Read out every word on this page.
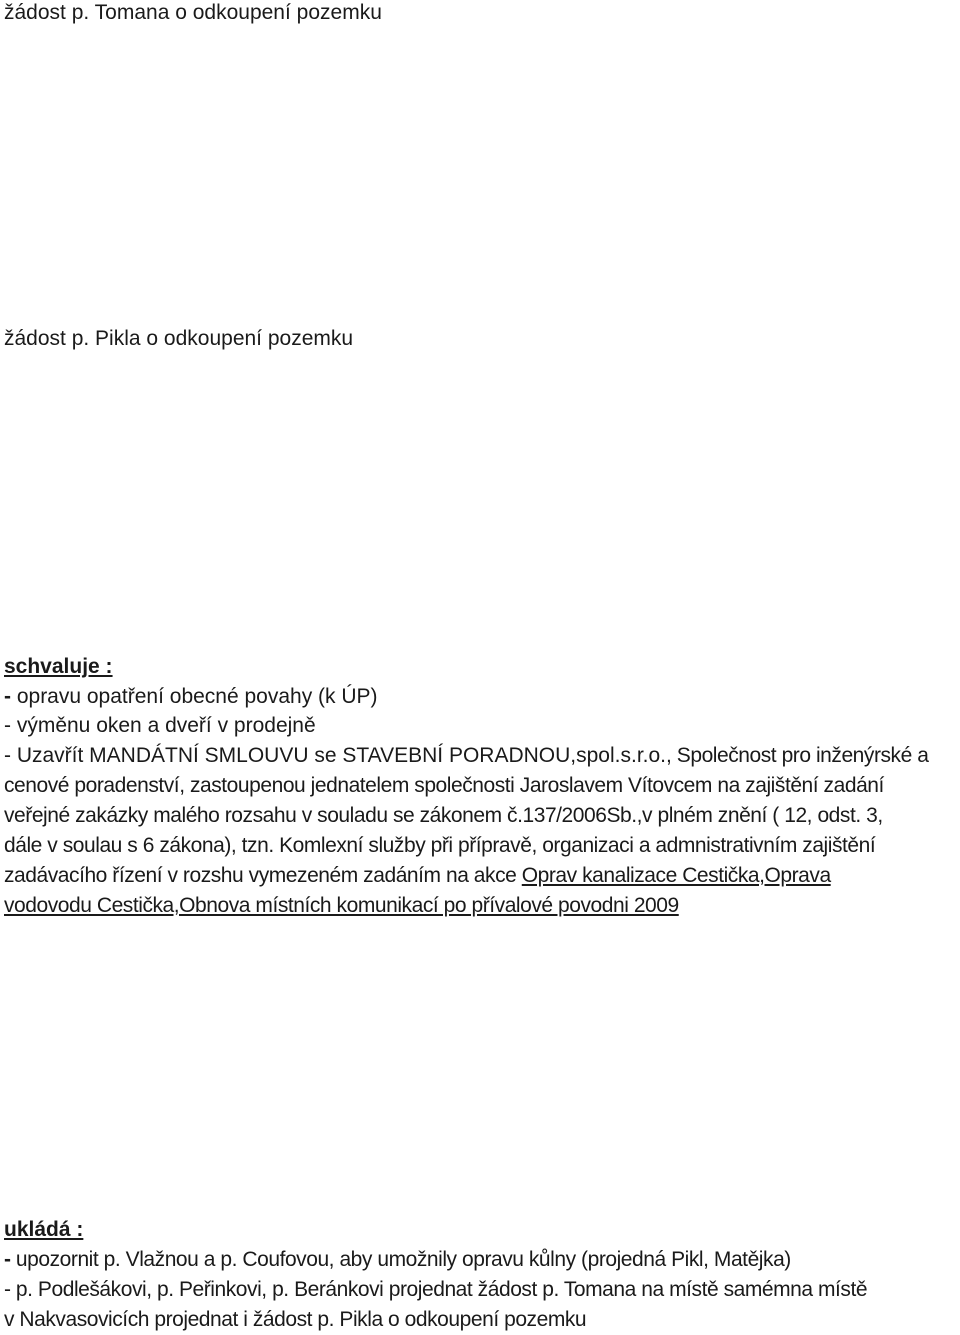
žádost p. Tomana o odkoupení pozemku
žádost p. Pikla o odkoupení pozemku
schvaluje :
- opravu opatření obecné povahy (k ÚP)
- výměnu oken a dveří v prodejně
- Uzavřít MANDÁTNÍ SMLOUVU se STAVEBNÍ PORADNOU,spol.s.r.o., Společnost pro inženýrské a
cenové poradenství, zastoupenou jednatelem společnosti Jaroslavem Vítovcem na zajištění zadání
veřejné zakázky malého rozsahu v souladu se zákonem č.137/2006Sb.,v plném znění ( 12, odst. 3,
dále v soulau s 6 zákona), tzn. Komlexní služby při přípravě, organizaci a admnistrativním zajištění
zadávacího řízení v rozshu vymezeném zadáním na akce Oprav kanalizace Cestička,Oprava
vodovodu Cestička,Obnova místních komunikací po přívalové povodni 2009
ukládá :
- upozornit p. Vlažnou a p. Coufovou, aby umožnily opravu kůlny (projedná Pikl, Matějka)
- p. Podlešákovi, p. Peřinkovi, p. Beránkovi projednat žádost p. Tomana na místě samémna místě
v Nakvasovicích projednat i žádost p. Pikla o odkoupení pozemku
